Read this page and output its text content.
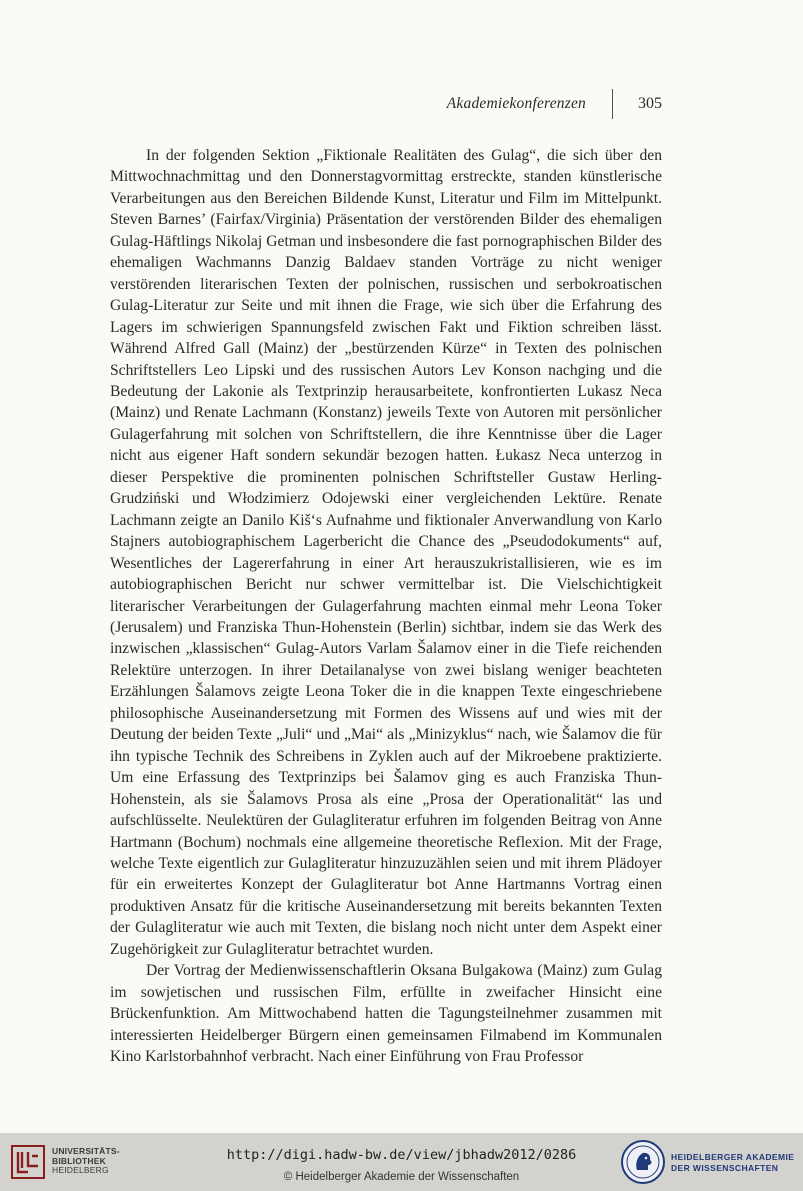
Akademiekonferenzen	305

In der folgenden Sektion „Fiktionale Realitäten des Gulag“, die sich über den Mittwochnachmittag und den Donnerstagvormittag erstreckte, standen künstlerische Verarbeitungen aus den Bereichen Bildende Kunst, Literatur und Film im Mittelpunkt. Steven Barnes’ (Fairfax/Virginia) Präsentation der verstörenden Bilder des ehemaligen Gulag-Häftlings Nikolaj Getman und insbesondere die fast pornographischen Bilder des ehemaligen Wachmanns Danzig Baldaev standen Vorträge zu nicht weniger verstörenden literarischen Texten der polnischen, russischen und serbokroatischen Gulag-Literatur zur Seite und mit ihnen die Frage, wie sich über die Erfahrung des Lagers im schwierigen Spannungsfeld zwischen Fakt und Fiktion schreiben lässt. Während Alfred Gall (Mainz) der „bestürzenden Kürze“ in Texten des polnischen Schriftstellers Leo Lipski und des russischen Autors Lev Konson nachging und die Bedeutung der Lakonie als Textprinzip herausarbeitete, konfrontierten Lukasz Neca (Mainz) und Renate Lachmann (Konstanz) jeweils Texte von Autoren mit persönlicher Gulagerfahrung mit solchen von Schriftstellern, die ihre Kenntnisse über die Lager nicht aus eigener Haft sondern sekundär bezogen hatten. Łukasz Neca unterzog in dieser Perspektive die prominenten polnischen Schriftsteller Gustaw Herling-Grudziński und Włodzimierz Odojewski einer vergleichenden Lektüre. Renate Lachmann zeigte an Danilo Kiš‘s Aufnahme und fiktionaler Anverwandlung von Karlo Stajners autobiographischem Lagerbericht die Chance des „Pseudodokuments“ auf, Wesentliches der Lagererfahrung in einer Art herauszukristallisieren, wie es im autobiographischen Bericht nur schwer vermittelbar ist. Die Vielschichtigkeit literarischer Verarbeitungen der Gulagerfahrung machten einmal mehr Leona Toker (Jerusalem) und Franziska Thun-Hohenstein (Berlin) sichtbar, indem sie das Werk des inzwischen „klassischen“ Gulag-Autors Varlam Šalamov einer in die Tiefe reichenden Relektüre unterzogen. In ihrer Detailanalyse von zwei bislang weniger beachteten Erzählungen Šalamovs zeigte Leona Toker die in die knappen Texte eingeschriebene philosophische Auseinandersetzung mit Formen des Wissens auf und wies mit der Deutung der beiden Texte „Juli“ und „Mai“ als „Minizyklus“ nach, wie Šalamov die für ihn typische Technik des Schreibens in Zyklen auch auf der Mikroebene praktizierte. Um eine Erfassung des Textprinzips bei Šalamov ging es auch Franziska Thun-Hohenstein, als sie Šalamovs Prosa als eine „Prosa der Operationalität“ las und aufschlüsselte. Neulektüren der Gulagliteratur erfuhren im folgenden Beitrag von Anne Hartmann (Bochum) nochmals eine allgemeine theoretische Reflexion. Mit der Frage, welche Texte eigentlich zur Gulagliteratur hinzuzuzählen seien und mit ihrem Plädoyer für ein erweitertes Konzept der Gulagliteratur bot Anne Hartmanns Vortrag einen produktiven Ansatz für die kritische Auseinandersetzung mit bereits bekannten Texten der Gulagliteratur wie auch mit Texten, die bislang noch nicht unter dem Aspekt einer Zugehörigkeit zur Gulagliteratur betrachtet wurden.

Der Vortrag der Medienwissenschaftlerin Oksana Bulgakowa (Mainz) zum Gulag im sowjetischen und russischen Film, erfüllte in zweifacher Hinsicht eine Brückenfunktion. Am Mittwochabend hatten die Tagungsteilnehmer zusammen mit interessierten Heidelberger Bürgern einen gemeinsamen Filmabend im Kommunalen Kino Karlstorbahnhof verbracht. Nach einer Einführung von Frau Professor

UNIVERSITÄTS-
BIBLIOTHEK
HEIDELBERG
http://digi.hadw-bw.de/view/jbhadw2012/0286
© Heidelberger Akademie der Wissenschaften
HEIDELBERGER AKADEMIE
DER WISSENSCHAFTEN
